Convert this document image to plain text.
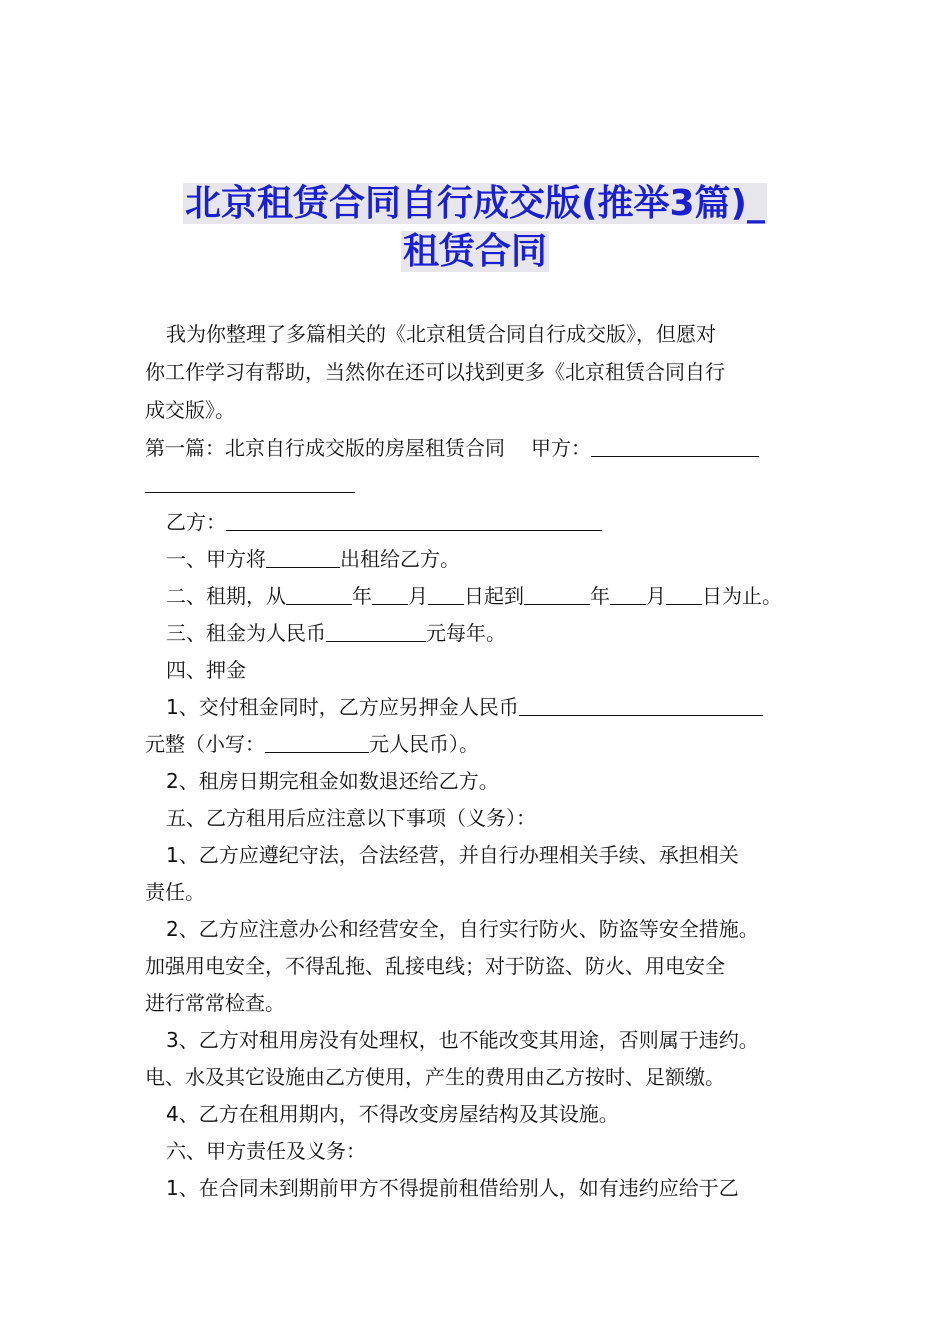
北京租赁合同自行成交版(推举3篇)_
租赁合同
我为你整理了多篇相关的《北京租赁合同自行成交版》，但愿对
你工作学习有帮助，当然你在还可以找到更多《北京租赁合同自行
成交版》。
第一篇：北京自行成交版的房屋租赁合同 甲方：
乙方：
一、甲方将	出租给乙方。
二、租期，从	年 月 日起到	年 月 日为止。
三、租金为人民币	元每年。
四、押金
1、交付租金同时，乙方应另押金人民币
元整（小写：	元人民币）。
2、租房日期完租金如数退还给乙方。
五、乙方租用后应注意以下事项（义务）：
1、乙方应遵纪守法，合法经营，并自行办理相关手续、承担相关
责任。
2、乙方应注意办公和经营安全，自行实行防火、防盗等安全措施。
加强用电安全，不得乱拖、乱接电线；对于防盗、防火、用电安全
进行常常检查。
3、乙方对租用房没有处理权，也不能改变其用途，否则属于违约。
电、水及其它设施由乙方使用，产生的费用由乙方按时、足额缴。
4、乙方在租用期内，不得改变房屋结构及其设施。
六、甲方责任及义务：
1、在合同未到期前甲方不得提前租借给别人，如有违约应给于乙
